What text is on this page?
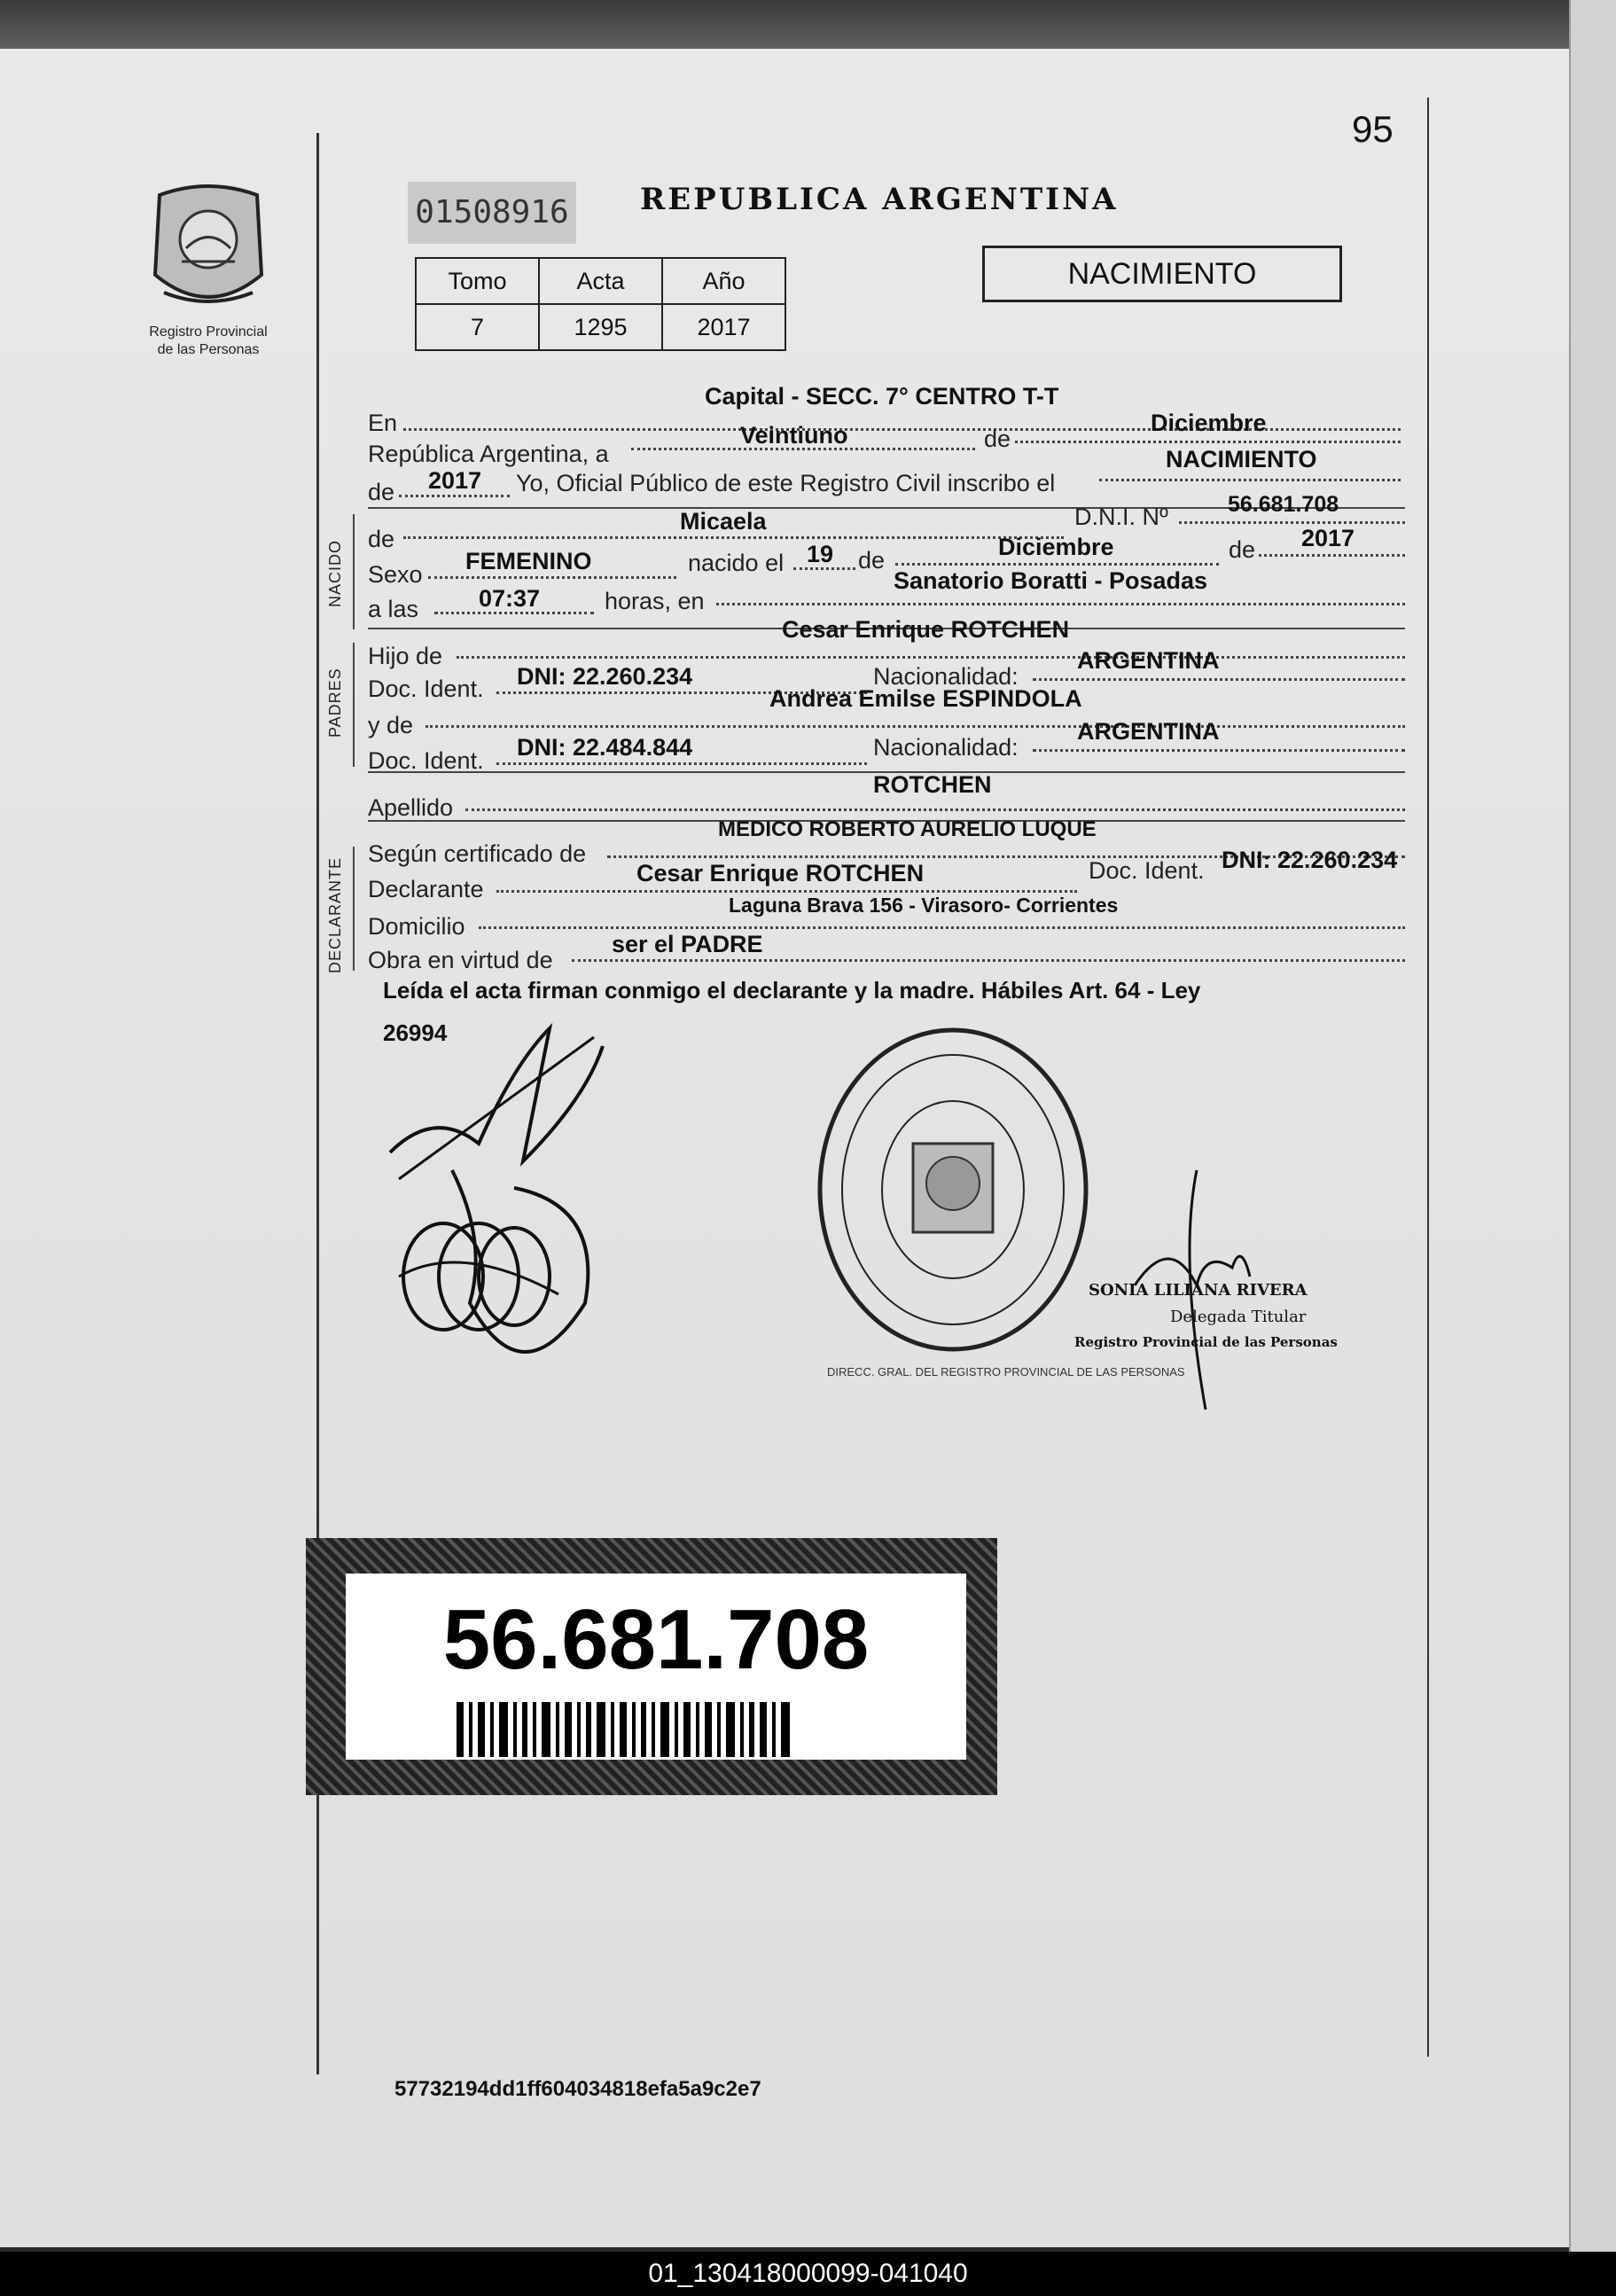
95
Registro Provincial
de las Personas
01508916 REPUBLICA ARGENTINA
NACIMIENTO
Tomo	Acta	Año
7	1295	2017
NACIDO
PADRES
DECLARANTE
En
Capital - SECC. 7° CENTRO T-T
República Argentina, a
Veintiuno	de
Diciembre
de 2017 Yo, Oficial Público de este Registro Civil inscribo el
NACIMIENTO
de
Micaela	D.N.I. Nº	56.681.708
Sexo FEMENINO	nacido el 19 de	Diciembre	de 2017
a las	07:37	horas, en
Sanatorio Boratti - Posadas
Hijo de
Cesar Enrique ROTCHEN
Doc. Ident. DNI: 22.260.234	Nacionalidad:
ARGENTINA
y de
Andrea Emilse ESPINDOLA
Doc. Ident. DNI: 22.484.844	Nacionalidad:
ARGENTINA
Apellido
ROTCHEN
Según certificado de
MEDICO ROBERTO AURELIO LUQUE
Declarante
Cesar Enrique ROTCHEN	Doc. Ident. DNI: 22.260.234
Domicilio
Laguna Brava 156 - Virasoro- Corrientes
Obra en virtud de
ser el PADRE
Leída el acta firman conmigo el declarante y la madre. Hábiles Art. 64 - Ley
26994
DIRECC. GRAL. DEL REGISTRO PROVINCIAL DE LAS PERSONAS
SONIA LILIANA RIVERA
Delegada Titular
Registro Provincial de las Personas
56.681.708
57732194dd1ff604034818efa5a9c2e7
01_130418000099-041040
